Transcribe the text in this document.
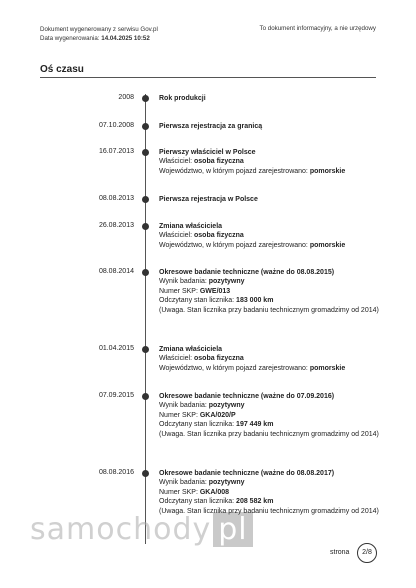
Dokument wygenerowany z serwisu Gov.pl
Data wygenerowania: 14.04.2025 10:52
To dokument informacyjny, a nie urzędowy
Oś czasu
2008	Rok produkcji
07.10.2008	Pierwsza rejestracja za granicą
16.07.2013	Pierwszy właściciel w Polsce
Właściciel: osoba fizyczna
Województwo, w którym pojazd zarejestrowano: pomorskie
08.08.2013	Pierwsza rejestracja w Polsce
26.08.2013	Zmiana właściciela
Właściciel: osoba fizyczna
Województwo, w którym pojazd zarejestrowano: pomorskie
08.08.2014	Okresowe badanie techniczne (ważne do 08.08.2015)
Wynik badania: pozytywny
Numer SKP: GWE/013
Odczytany stan licznika: 183 000 km
(Uwaga. Stan licznika przy badaniu technicznym gromadzimy od 2014)
01.04.2015	Zmiana właściciela
Właściciel: osoba fizyczna
Województwo, w którym pojazd zarejestrowano: pomorskie
07.09.2015	Okresowe badanie techniczne (ważne do 07.09.2016)
Wynik badania: pozytywny
Numer SKP: GKA/020/P
Odczytany stan licznika: 197 449 km
(Uwaga. Stan licznika przy badaniu technicznym gromadzimy od 2014)
08.08.2016	Okresowe badanie techniczne (ważne do 08.08.2017)
Wynik badania: pozytywny
Numer SKP: GKA/008
Odczytany stan licznika: 208 582 km
(Uwaga. Stan licznika przy badaniu technicznym gromadzimy od 2014)
samochody pl
strona	2/8
